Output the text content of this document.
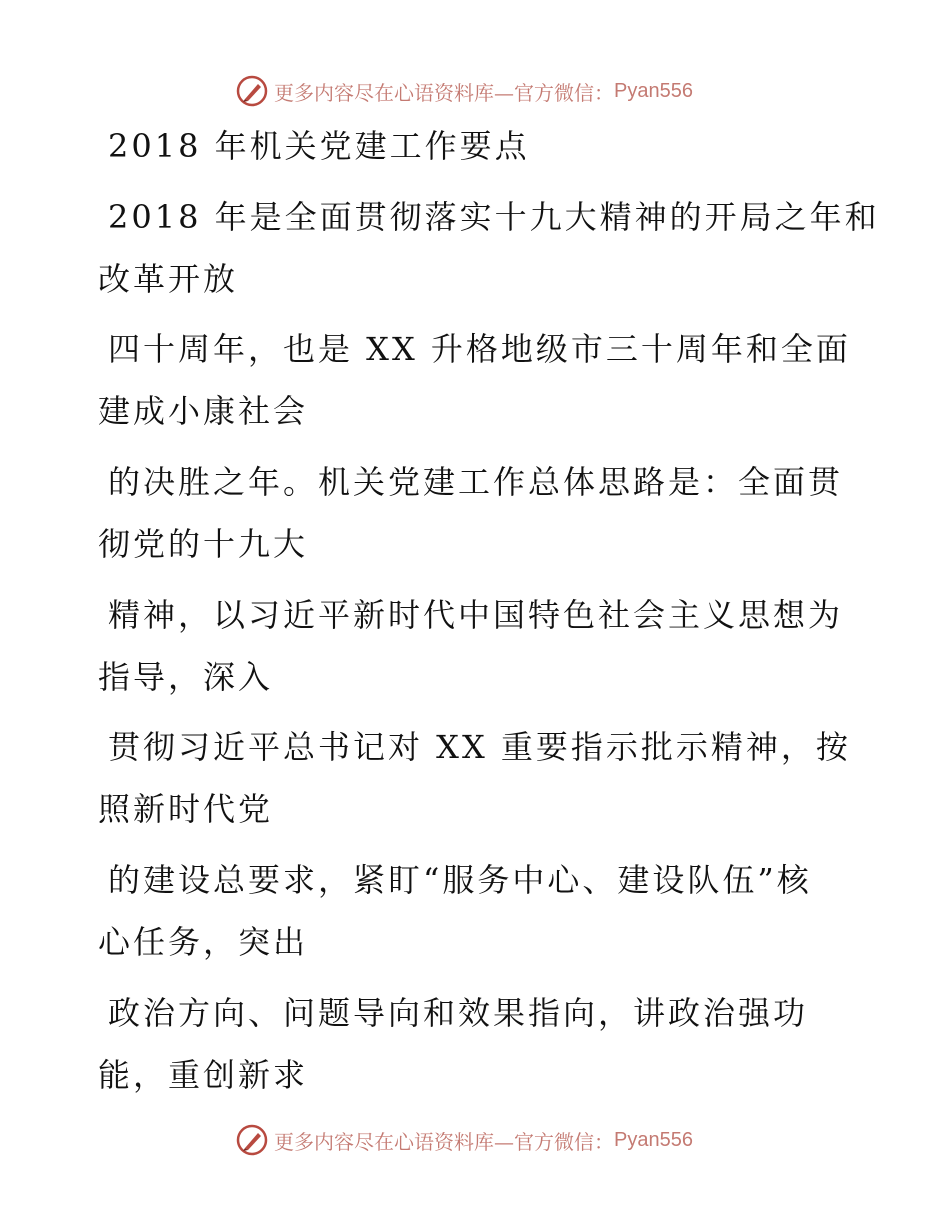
更多内容尽在心语资料库—官方微信： Pyan556
2018 年机关党建工作要点
2018 年是全面贯彻落实十九大精神的开局之年和
改革开放
四十周年，也是 XX 升格地级市三十周年和全面
建成小康社会
的决胜之年。机关党建工作总体思路是：全面贯
彻党的十九大
精神，以习近平新时代中国特色社会主义思想为
指导，深入
贯彻习近平总书记对 XX 重要指示批示精神，按
照新时代党
的建设总要求，紧盯“服务中心、建设队伍”核
心任务，突出
政治方向、问题导向和效果指向，讲政治强功
能，重创新求
更多内容尽在心语资料库—官方微信： Pyan556
